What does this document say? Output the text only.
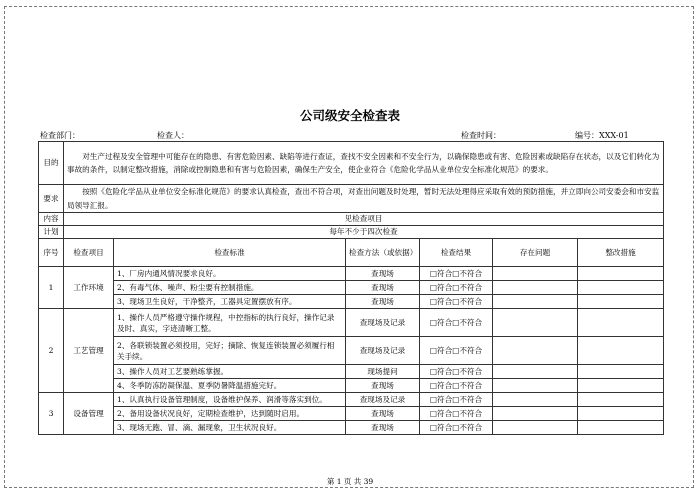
公司级安全检查表
检查部门：	检查人：	检查时间：	编号：XXX-01
目的	对生产过程及安全管理中可能存在的隐患、有害危险因素、缺陷等进行查证，查找不安全因素和不安全行为，以确保隐患或有害、危险因素或缺陷存在状态，以及它们转化为事故的条件，以制定整改措施，消除或控制隐患和有害与危险因素，确保生产安全，使企业符合《危险化学品从业单位安全标准化规范》的要求。					
要求	按照《危险化学品从业单位安全标准化规范》的要求认真检查，查出不符合项，对查出问题及时处理，暂时无法处理得应采取有效的预防措施，并立即向公司安委会和市安监局领导汇报。					
内容	见检查项目					
计划	每年不少于四次检查					
序号	检查项目	检查标准	检查方法（或依据）	检查结果	存在问题	整改措施
1	工作环境	1、厂房内通风情况要求良好。	查现场	□符合□不符合		
		2、有毒气体、噪声、粉尘要有控制措施。	查现场	□符合□不符合		
		3、现场卫生良好，干净整齐，工器具定置摆放有序。	查现场	□符合□不符合		
2	工艺管理	1、操作人员严格遵守操作规程，中控指标的执行良好，操作记录及时、真实，字迹清晰工整。	查现场及记录	□符合□不符合		
		2、各联锁装置必须投用，完好；摘除、恢复连锁装置必须履行相关手续。	查现场及记录	□符合□不符合		
		3、操作人员对工艺要熟练掌握。	现场提问	□符合□不符合		
		4、冬季防冻防凝保温、夏季防暑降温措施完好。	查现场	□符合□不符合		
3	设备管理	1、认真执行设备管理制度，设备维护保养、润滑等落实到位。	查现场及记录	□符合□不符合		
		2、备用设备状况良好，定期检查维护，达到随时启用。	查现场	□符合□不符合		
		3、现场无跑、冒、滴、漏现象，卫生状况良好。	查现场	□符合□不符合		
第 1 页 共 39
